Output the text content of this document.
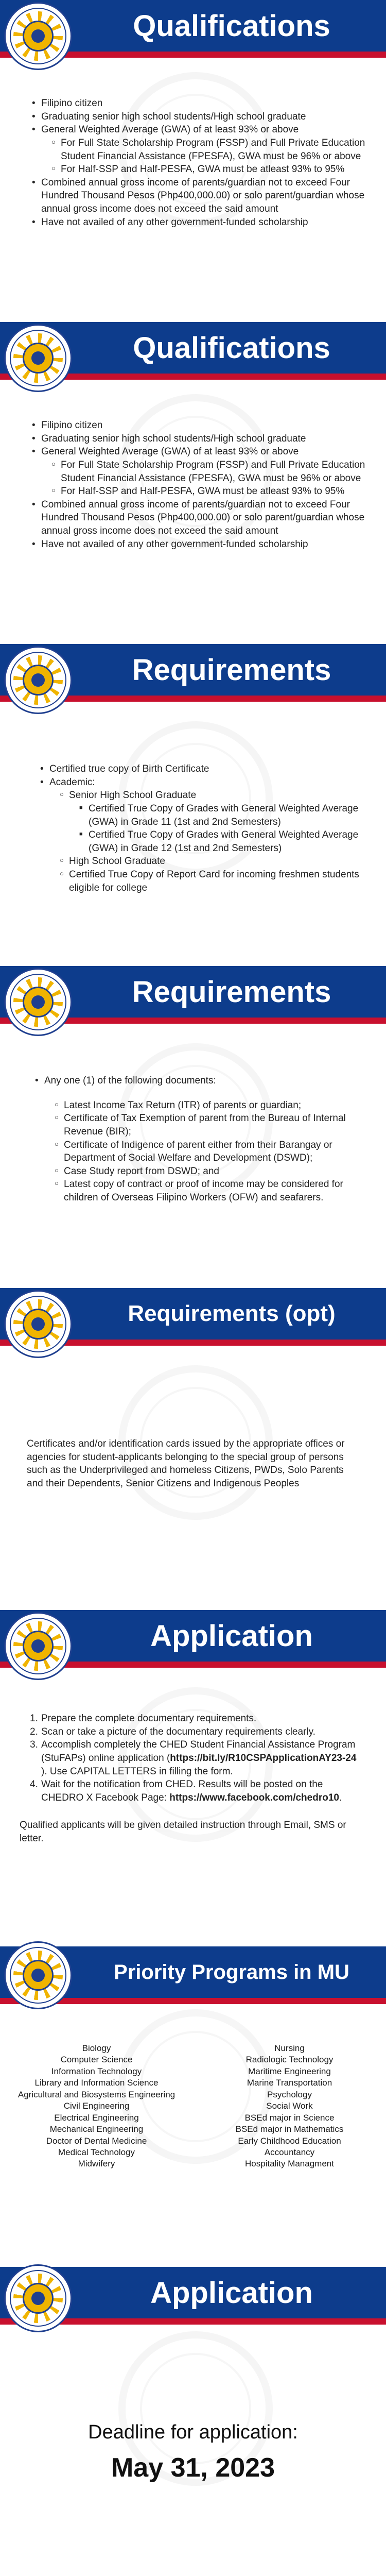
Qualifications
• Filipino citizen
• Graduating senior high school students/High school graduate
• General Weighted Average (GWA) of at least 93% or above
○ For Full State Scholarship Program (FSSP) and Full Private Education Student Financial Assistance (FPESFA), GWA must be 96% or above
○ For Half-SSP and Half-PESFA, GWA must be atleast 93% to 95%
• Combined annual gross income of parents/guardian not to exceed Four Hundred Thousand Pesos (Php400,000.00) or solo parent/guardian whose annual gross income does not exceed the said amount
• Have not availed of any other government-funded scholarship
Qualifications
• Filipino citizen
• Graduating senior high school students/High school graduate
• General Weighted Average (GWA) of at least 93% or above
○ For Full State Scholarship Program (FSSP) and Full Private Education Student Financial Assistance (FPESFA), GWA must be 96% or above
○ For Half-SSP and Half-PESFA, GWA must be atleast 93% to 95%
• Combined annual gross income of parents/guardian not to exceed Four Hundred Thousand Pesos (Php400,000.00) or solo parent/guardian whose annual gross income does not exceed the said amount
• Have not availed of any other government-funded scholarship
Requirements
• Certified true copy of Birth Certificate
• Academic:
○ Senior High School Graduate
■ Certified True Copy of Grades with General Weighted Average (GWA) in Grade 11 (1st and 2nd Semesters)
■ Certified True Copy of Grades with General Weighted Average (GWA) in Grade 12 (1st and 2nd Semesters)
○ High School Graduate
○ Certified True Copy of Report Card for incoming freshmen students eligible for college
Requirements
• Any one (1) of the following documents:
○ Latest Income Tax Return (ITR) of parents or guardian;
○ Certificate of Tax Exemption of parent from the Bureau of Internal Revenue (BIR);
○ Certificate of Indigence of parent either from their Barangay or Department of Social Welfare and Development (DSWD);
○ Case Study report from DSWD; and
○ Latest copy of contract or proof of income may be considered for children of Overseas Filipino Workers (OFW) and seafarers.
Requirements (opt)

Certificates and/or identification cards issued by the appropriate offices or agencies for student-applicants belonging to the special group of persons such as the Underprivileged and homeless Citizens, PWDs, Solo Parents and their Dependents, Senior Citizens and Indigenous Peoples

Application
Prepare the complete documentary requirements.
Scan or take a picture of the documentary requirements clearly.
Accomplish completely the CHED Student Financial Assistance Program (StuFAPs) online application (https://bit.ly/R10CSPApplicationAY23-24 ). Use CAPITAL LETTERS in filling the form.
Wait for the notification from CHED. Results will be posted on the CHEDRO X Facebook Page: https://www.facebook.com/chedro10.

Qualified applicants will be given detailed instruction through Email, SMS or letter.

Priority Programs in MU
Biology
Computer Science
Information Technology
Library and Information Science
Agricultural and Biosystems Engineering
Civil Engineering
Electrical Engineering
Mechanical Engineering
Doctor of Dental Medicine
Medical Technology
Midwifery
Nursing
Radiologic Technology
Maritime Engineering
Marine Transportation
Psychology
Social Work
BSEd major in Science
BSEd major in Mathematics
Early Childhood Education
Accountancy
Hospitality Managment
Application
Deadline for application:
May 31, 2023
